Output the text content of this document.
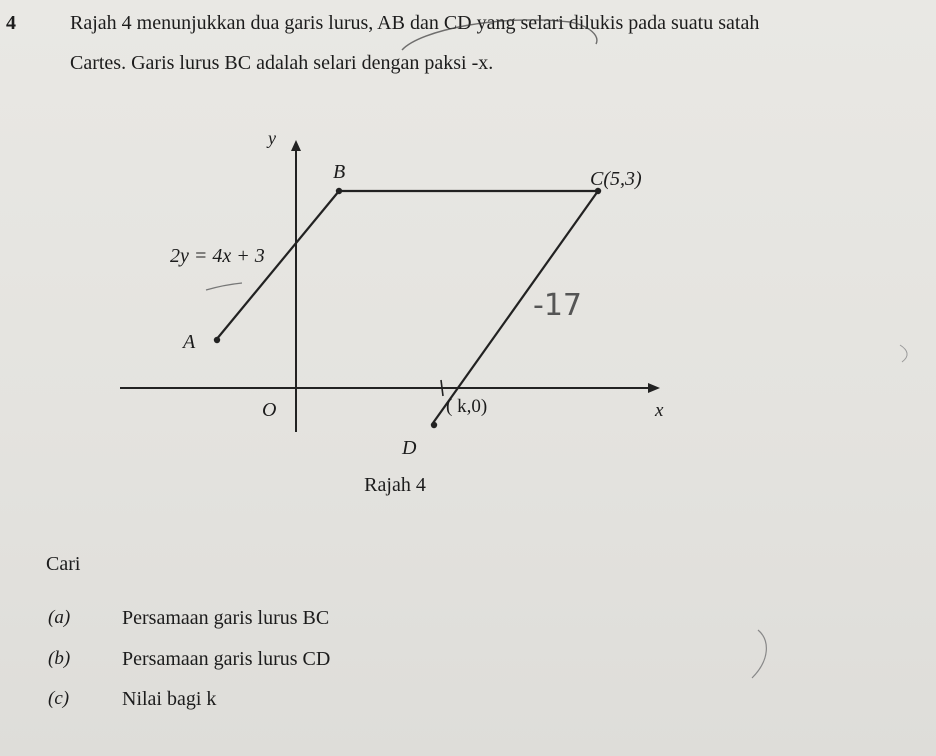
4	Rajah 4 menunjukkan dua garis lurus, AB dan CD yang selari dilukis pada suatu satah
Cartes. Garis lurus BC adalah selari dengan paksi -x.
y
x
O
B	C(5,3)
A
D
( k,0)
2y = 4x + 3
-17
Rajah 4
Cari
(a)	Persamaan garis lurus BC
(b)	Persamaan garis lurus CD
(c)	Nilai bagi k
